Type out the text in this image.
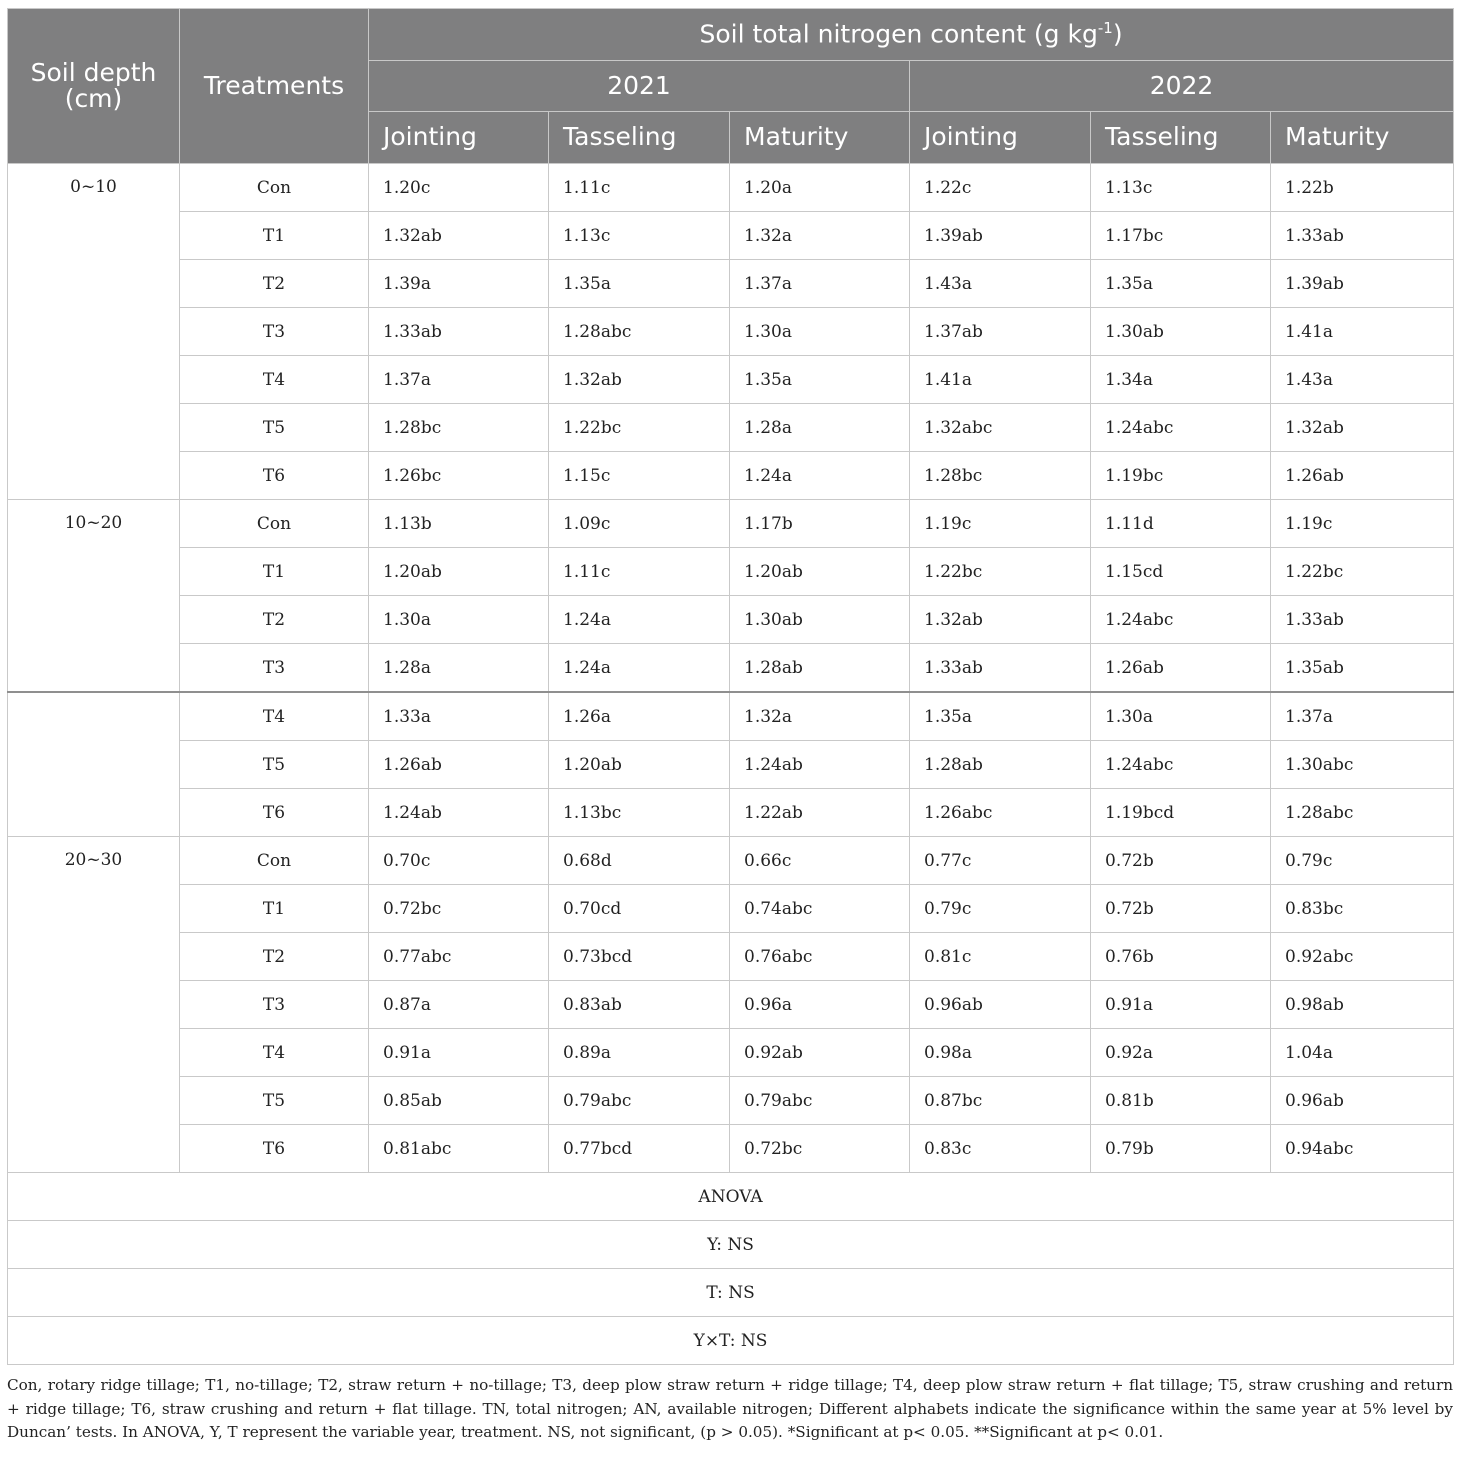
Soil depth (cm)	Treatments	Soil total nitrogen content (g $kg^{-1}$)					
		2021			2022		
		Jointing	Tasseling	Maturity	Jointing	Tasseling	Maturity
0~10	Con	1.20c	1.11c	1.20a	1.22c	1.13c	1.22b
	T1	1.32ab	1.13c	1.32a	1.39ab	1.17bc	1.33ab
	T2	1.39a	1.35a	1.37a	1.43a	1.35a	1.39ab
	T3	1.33ab	1.28abc	1.30a	1.37ab	1.30ab	1.41a
	T4	1.37a	1.32ab	1.35a	1.41a	1.34a	1.43a
	T5	1.28bc	1.22bc	1.28a	1.32abc	1.24abc	1.32ab
	T6	1.26bc	1.15c	1.24a	1.28bc	1.19bc	1.26ab
10~20	Con	1.13b	1.09c	1.17b	1.19c	1.11d	1.19c
	T1	1.20ab	1.11c	1.20ab	1.22bc	1.15cd	1.22bc
	T2	1.30a	1.24a	1.30ab	1.32ab	1.24abc	1.33ab
	T3	1.28a	1.24a	1.28ab	1.33ab	1.26ab	1.35ab
	T4	1.33a	1.26a	1.32a	1.35a	1.30a	1.37a
	T5	1.26ab	1.20ab	1.24ab	1.28ab	1.24abc	1.30abc
	T6	1.24ab	1.13bc	1.22ab	1.26abc	1.19bcd	1.28abc
20~30	Con	0.70c	0.68d	0.66c	0.77c	0.72b	0.79c
	T1	0.72bc	0.70cd	0.74abc	0.79c	0.72b	0.83bc
	T2	0.77abc	0.73bcd	0.76abc	0.81c	0.76b	0.92abc
	T3	0.87a	0.83ab	0.96a	0.96ab	0.91a	0.98ab
	T4	0.91a	0.89a	0.92ab	0.98a	0.92a	1.04a
	T5	0.85ab	0.79abc	0.79abc	0.87bc	0.81b	0.96ab
	T6	0.81abc	0.77bcd	0.72bc	0.83c	0.79b	0.94abc
ANOVA							
Y: NS							
T: NS							
Y×T: NS							
Con, rotary ridge tillage; T1, no-tillage; T2, straw return + no-tillage; T3, deep plow straw return + ridge tillage; T4, deep plow straw return + flat tillage; T5, straw crushing and return + ridge tillage; T6, straw crushing and return + flat tillage. TN, total nitrogen; AN, available nitrogen; Different alphabets indicate the significance within the same year at 5% level by Duncan’ tests. In ANOVA, Y, T represent the variable year, treatment. NS, not significant, (p > 0.05). *Significant at p< 0.05. **Significant at p< 0.01.
